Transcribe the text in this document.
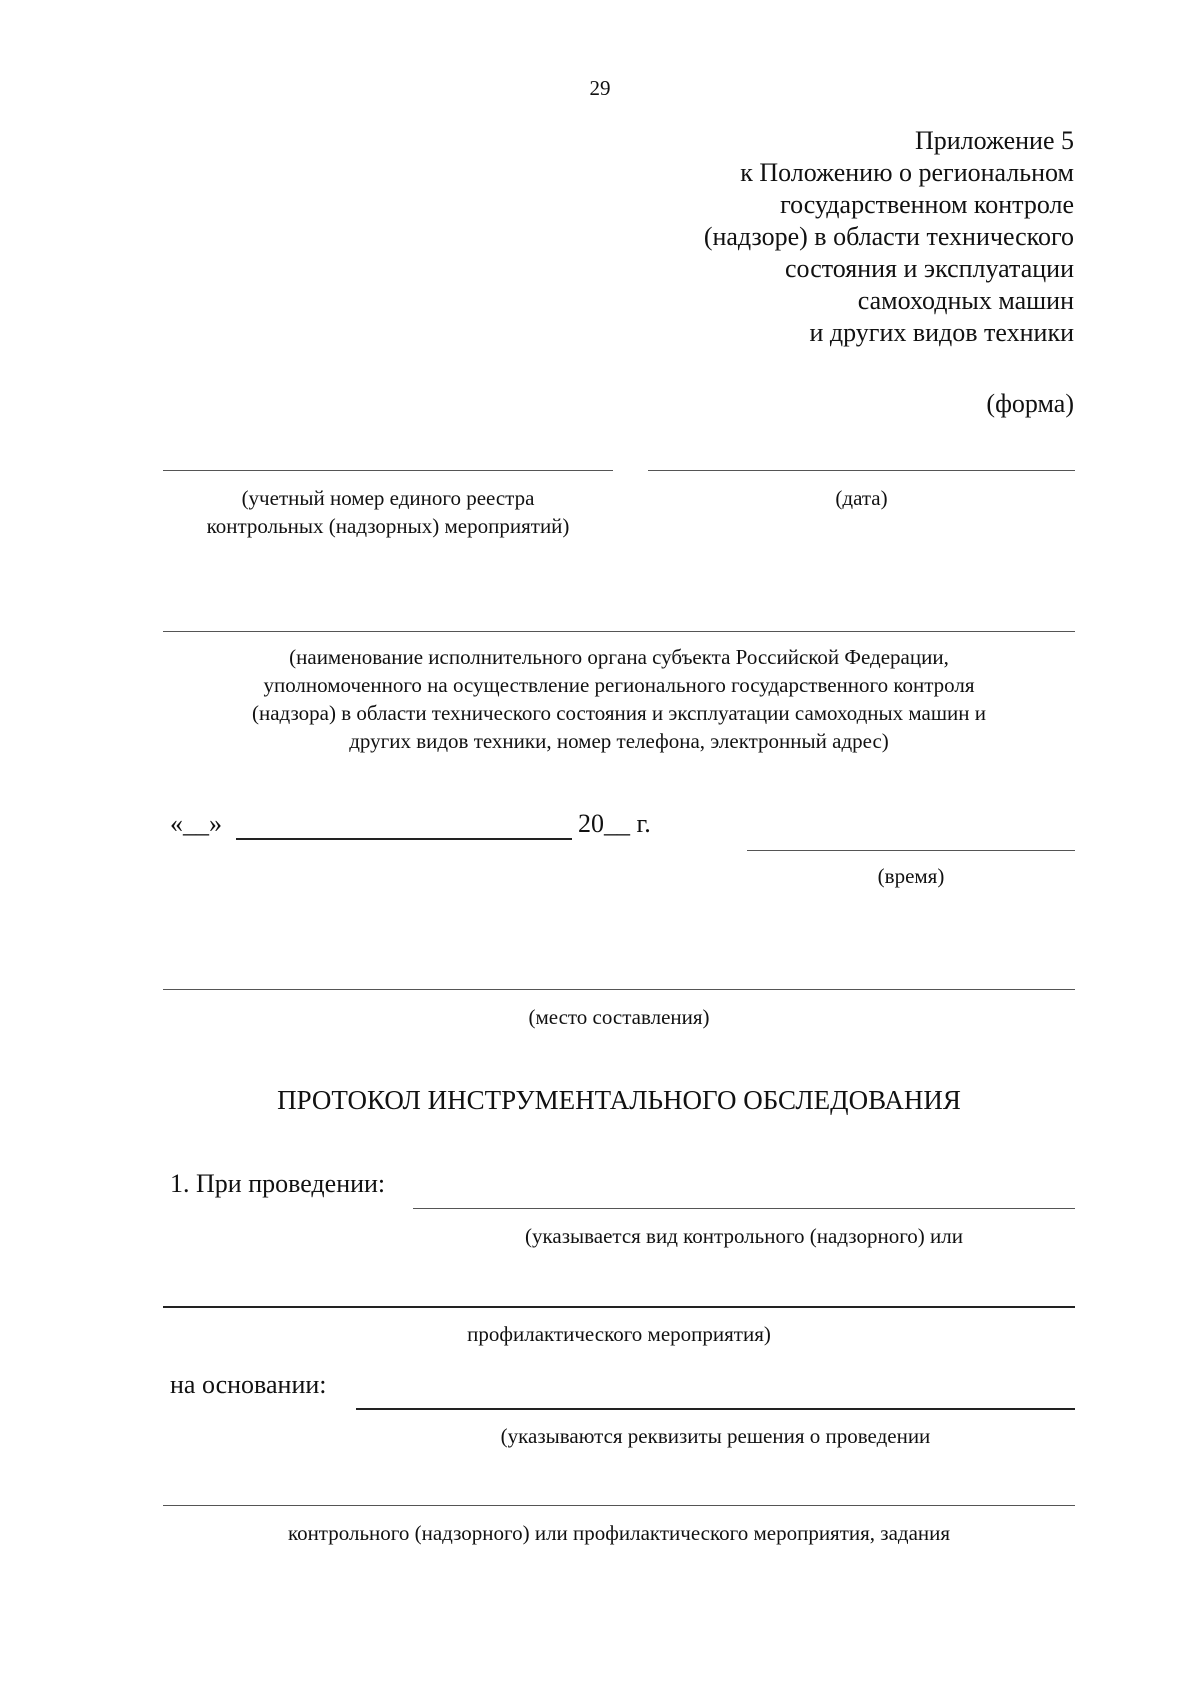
29
Приложение 5
к Положению о региональном
государственном контроле
(надзоре) в области технического
состояния и эксплуатации
самоходных машин
и других видов техники
(форма)
(учетный номер единого реестра
контрольных (надзорных) мероприятий)
(дата)
(наименование исполнительного органа субъекта Российской Федерации,
уполномоченного на осуществление регионального государственного контроля
(надзора) в области технического состояния и эксплуатации самоходных машин и
других видов техники, номер телефона, электронный адрес)
«__»	20__ г.
(время)
(место составления)
ПРОТОКОЛ ИНСТРУМЕНТАЛЬНОГО ОБСЛЕДОВАНИЯ
1. При проведении:
(указывается вид контрольного (надзорного) или
профилактического мероприятия)
на основании:
(указываются реквизиты решения о проведении
контрольного (надзорного) или профилактического мероприятия, задания
